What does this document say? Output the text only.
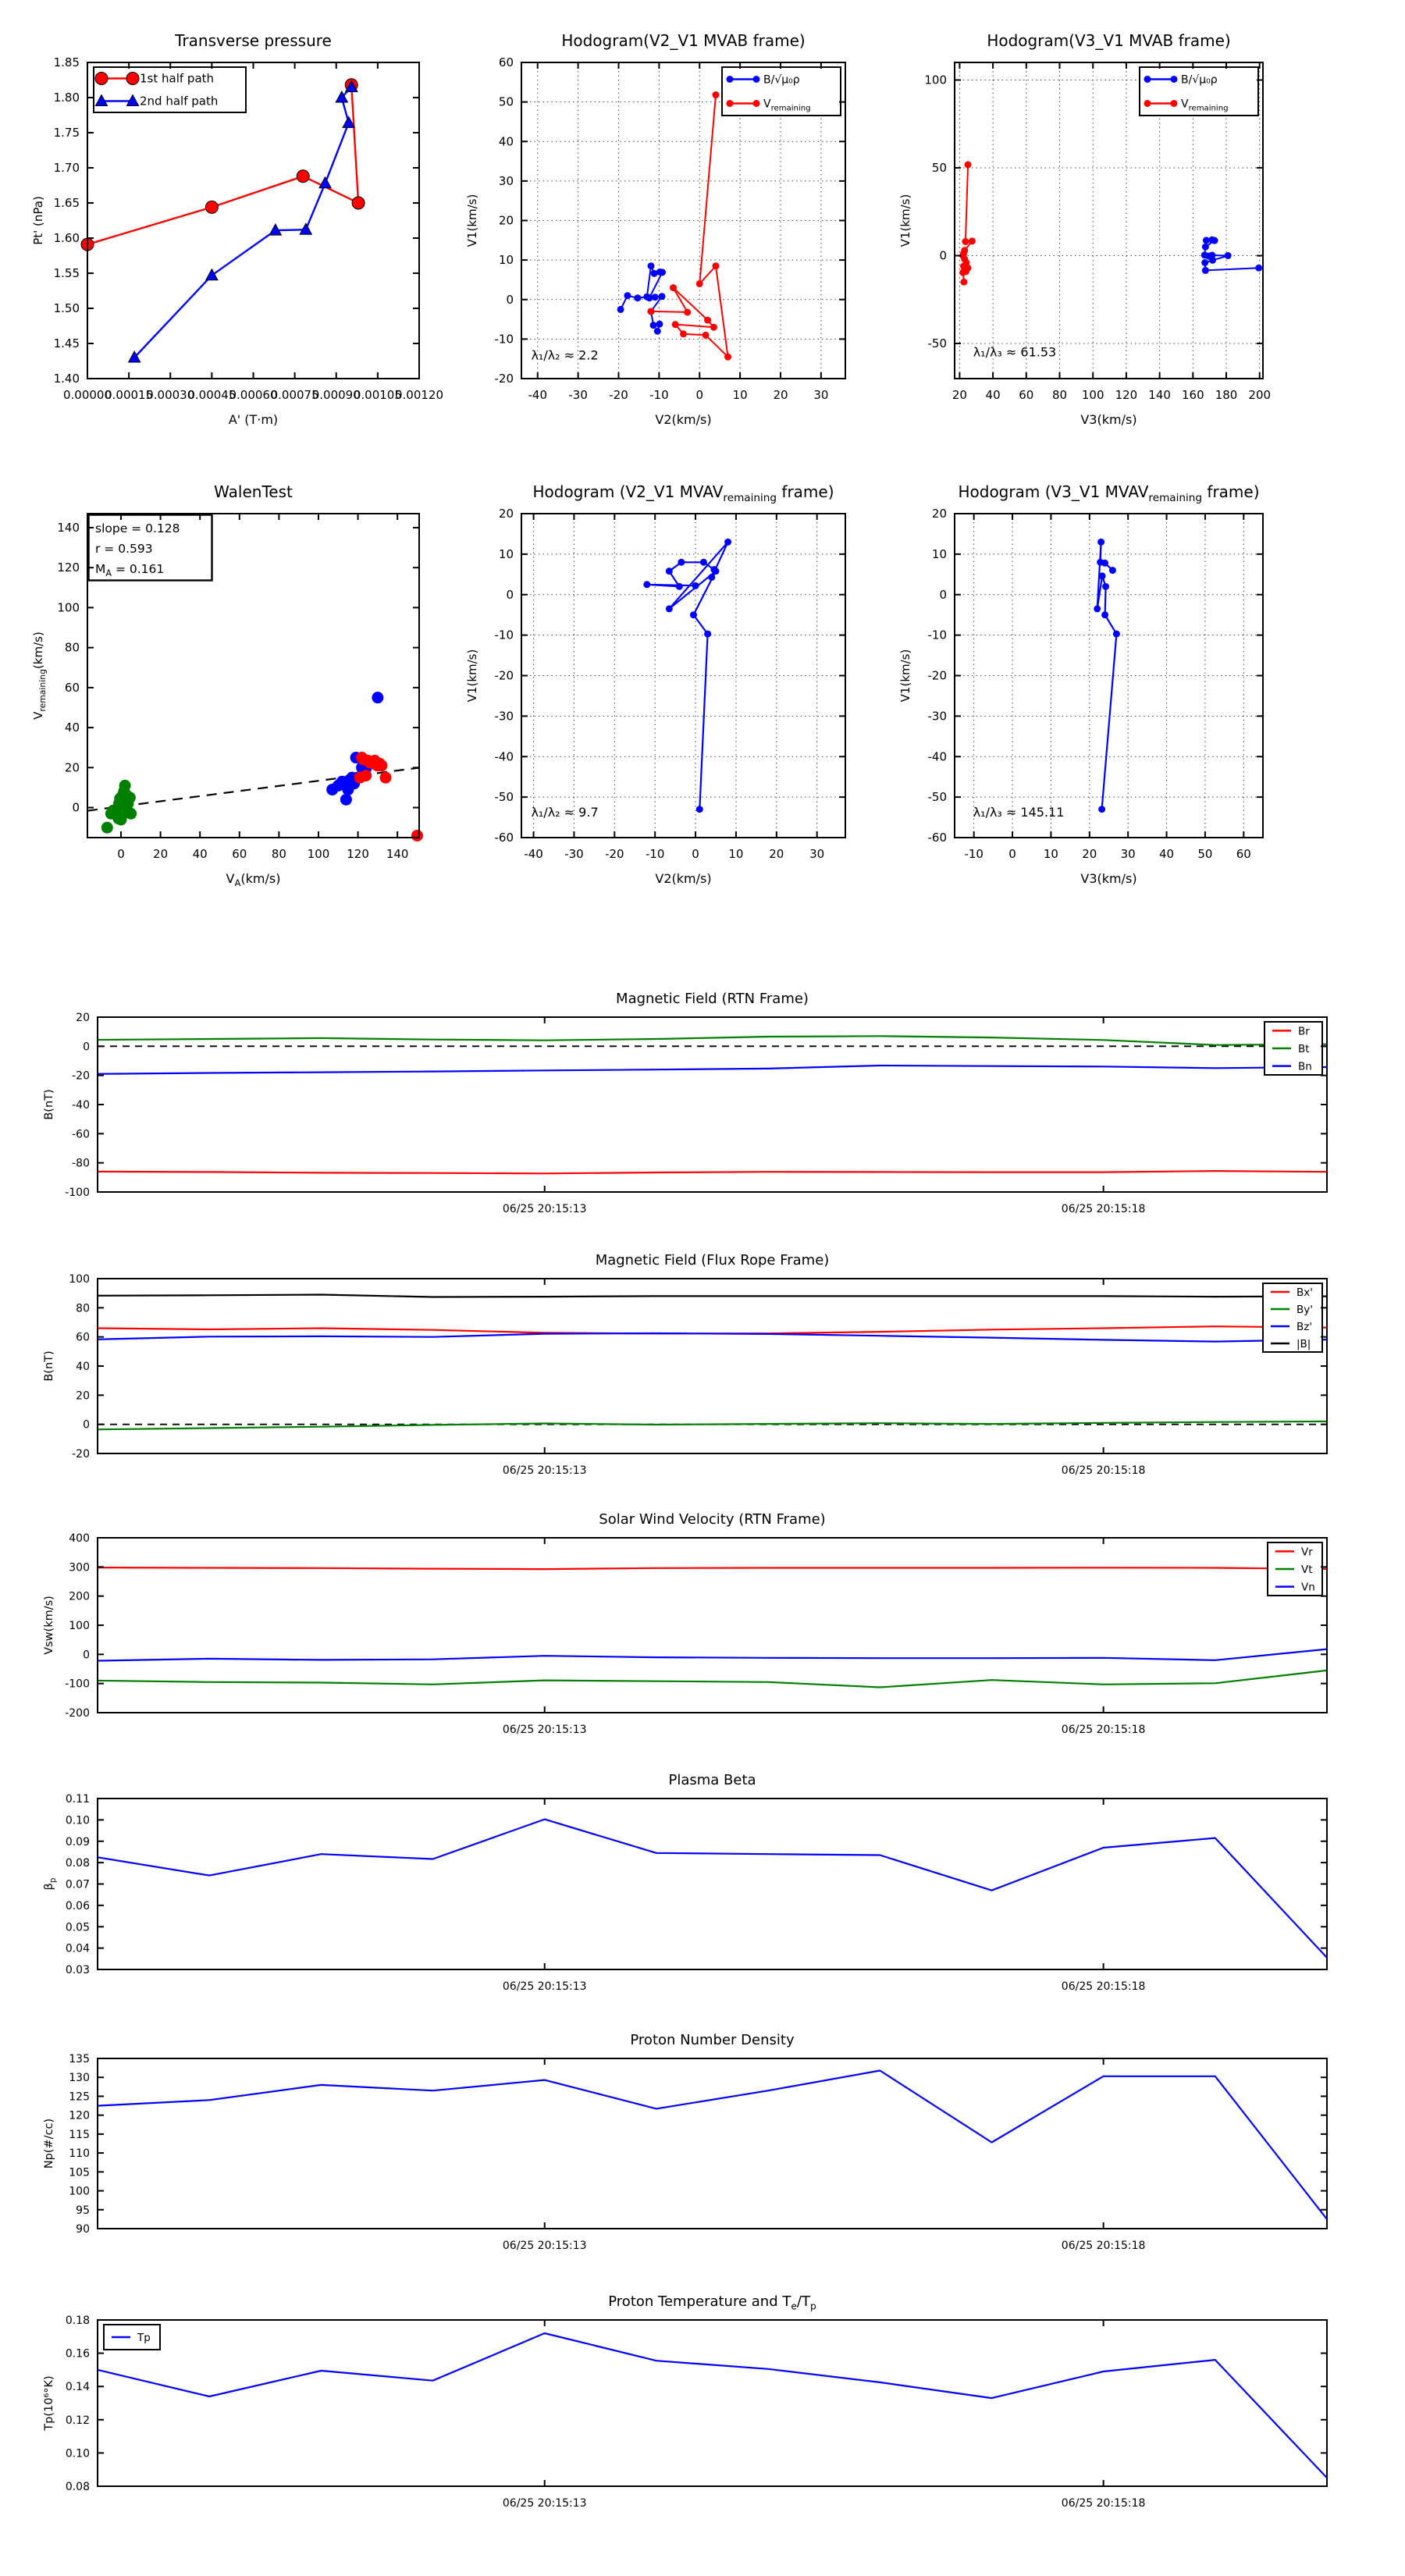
Transverse pressure
1st half path
2nd half path
0.00000
0.00015
0.00030
0.00045
0.00060
0.00075
0.00090
0.00105
0.00120
1.40
1.45
1.50
1.55
1.60
1.65
1.70
1.75
1.80
1.85
A' (T·m)
Pt' (nPa)
Hodogram(V2_V1 MVAB frame)
B/√μ₀ρ
$V_{remaining}$
λ₁/λ₂ ≈ 2.2
-40 -30 -20 -10 0	10 20 30
-20
-10
0
10
20
30
40
50
60
V2(km/s)
V1(km/s)
Hodogram(V3_V1 MVAB frame)
B/√μ₀ρ
$V_{remaining}$
λ₁/λ₃ ≈ 61.53
20 40 60 80 100 120 140 160 180 200
-50
0
50
100
V3(km/s)
V1(km/s)
WalenTest
slope = 0.128
r = 0.593
$M_A = 0.161$
0 20 40 60 80 100 120 140
0
20
40
60
80
100
120
140
$V_A(km/s)$
$V_{remaining}(km/s)$
Hodogram (V2_V1 $MVAV_{remaining}$ frame)
λ₁/λ₂ ≈ 9.7
-40 -30 -20 -10 0	10 20 30
-60
-50
-40
-30
-20
-10
0
10
20
V2(km/s)
V1(km/s)
Hodogram (V3_V1 $MVAV_{remaining}$ frame)
λ₁/λ₃ ≈ 145.11
-10 0 10 20 30 40 50 60
-60
-50
-40
-30
-20
-10
0
10
20
V3(km/s)
V1(km/s)
Magnetic Field (RTN Frame)
Br
Bt
Bn
06/25 20:15:13	06/25 20:15:18
-100
-80
-60
-40
-20
0
20
B(nT)
Magnetic Field (Flux Rope Frame)
Bx'
By'
Bz'
|B|
06/25 20:15:13	06/25 20:15:18
-20
0
20
40
60
80
100
B(nT)
Solar Wind Velocity (RTN Frame)
Vr
Vt
Vn
06/25 20:15:13	06/25 20:15:18
-200
-100
0
100
200
300
400
Vsw(km/s)
Plasma Beta
06/25 20:15:13	06/25 20:15:18
0.03
0.04
0.05
0.06
0.07
0.08
0.09
0.10
0.11
$\beta_p$
Proton Number Density
06/25 20:15:13	06/25 20:15:18
90
95
100
105
110
115
120
125
130
135
Np(#/cc)
Proton Temperature and $T_e/T_p$
Tp
06/25 20:15:13	06/25 20:15:18
0.08
0.10
0.12
0.14
0.16
0.18
Tp(10⁶°K)
